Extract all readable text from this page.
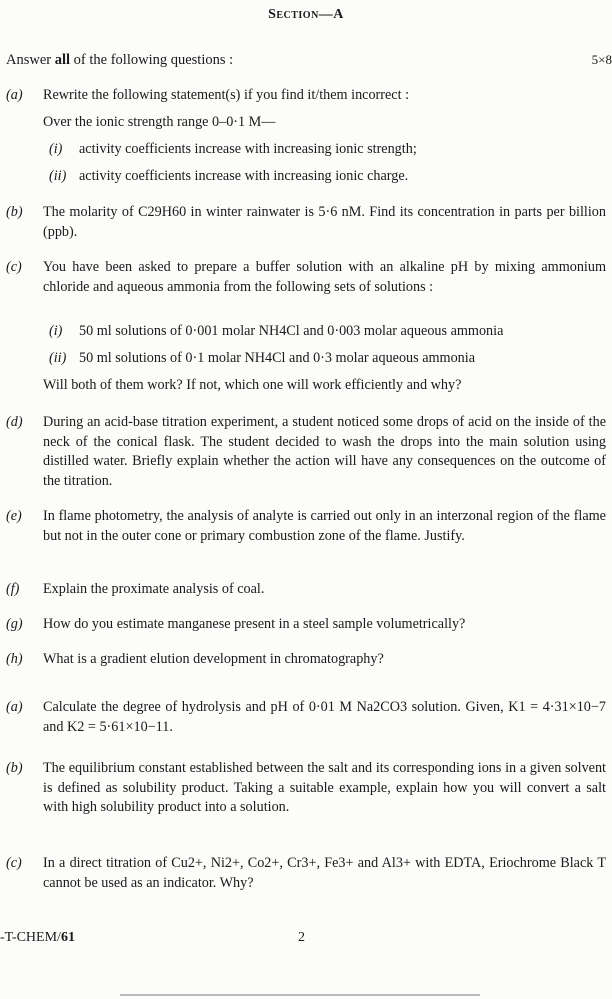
Section—A
Answer all of the following questions :	5×8
(a)	Rewrite the following statement(s) if you find it/them incorrect :
Over the ionic strength range 0–0·1 M—
(i) activity coefficients increase with increasing ionic strength;
(ii) activity coefficients increase with increasing ionic charge.
(b)	The molarity of C29H60 in winter rainwater is 5·6 nM. Find its concentration in parts per billion (ppb).
(c)	You have been asked to prepare a buffer solution with an alkaline pH by mixing ammonium chloride and aqueous ammonia from the following sets of solutions :
(i) 50 ml solutions of 0·001 molar NH4Cl and 0·003 molar aqueous ammonia
(ii) 50 ml solutions of 0·1 molar NH4Cl and 0·3 molar aqueous ammonia
Will both of them work? If not, which one will work efficiently and why?
(d)	During an acid-base titration experiment, a student noticed some drops of acid on the inside of the neck of the conical flask. The student decided to wash the drops into the main solution using distilled water. Briefly explain whether the action will have any consequences on the outcome of the titration.
(e)	In flame photometry, the analysis of analyte is carried out only in an interzonal region of the flame but not in the outer cone or primary combustion zone of the flame. Justify.
(f)	Explain the proximate analysis of coal.
(g)	How do you estimate manganese present in a steel sample volumetrically?
(h)	What is a gradient elution development in chromatography?
(a)	Calculate the degree of hydrolysis and pH of 0·01 M Na2CO3 solution. Given, K1 = 4·31×10−7 and K2 = 5·61×10−11.
(b)	The equilibrium constant established between the salt and its corresponding ions in a given solvent is defined as solubility product. Taking a suitable example, explain how you will convert a salt with high solubility product into a solution.
(c)	In a direct titration of Cu2+, Ni2+, Co2+, Cr3+, Fe3+ and Al3+ with EDTA, Eriochrome Black T cannot be used as an indicator. Why?
-T-CHEM/61	2
